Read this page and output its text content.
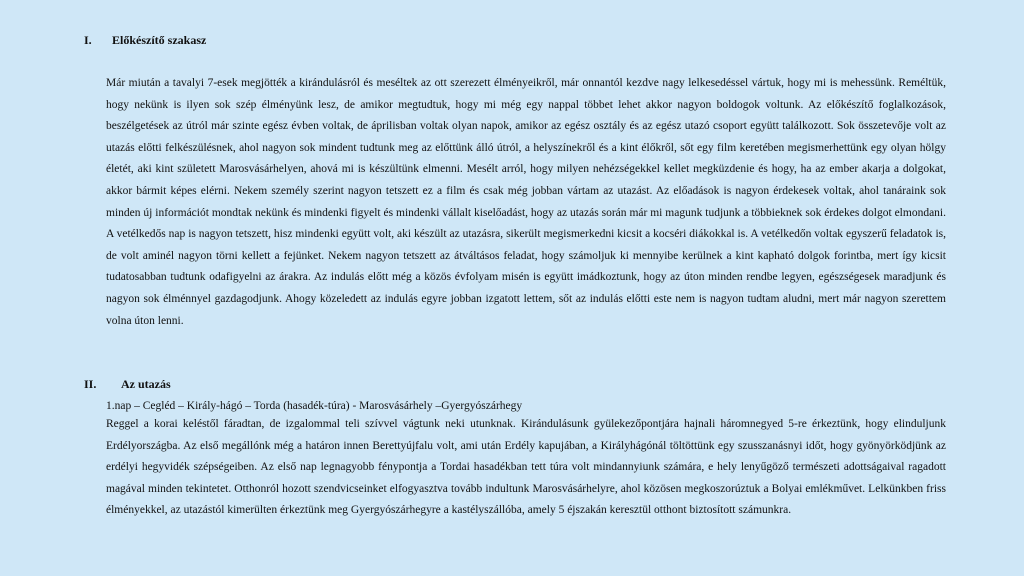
I. Előkészítő szakasz

Már miután a tavalyi 7-esek megjötték a kirándulásról és meséltek az ott szerezett élményeikről, már onnantól kezdve nagy lelkesedéssel vártuk, hogy mi is mehessünk. Reméltük, hogy nekünk is ilyen sok szép élményünk lesz, de amikor megtudtuk, hogy mi még egy nappal többet lehet akkor nagyon boldogok voltunk. Az előkészítő foglalkozások, beszélgetések az útról már szinte egész évben voltak, de áprilisban voltak olyan napok, amikor az egész osztály és az egész utazó csoport együtt találkozott. Sok összetevője volt az utazás előtti felkészülésnek, ahol nagyon sok mindent tudtunk meg az előttünk álló útról, a helyszínekről és a kint élőkről, sőt egy film keretében megismerhettünk egy olyan hölgy életét, aki kint született Marosvásárhelyen, ahová mi is készültünk elmenni. Mesélt arról, hogy milyen nehézségekkel kellet megküzdenie és hogy, ha az ember akarja a dolgokat, akkor bármit képes elérni. Nekem személy szerint nagyon tetszett ez a film és csak még jobban vártam az utazást. Az előadások is nagyon érdekesek voltak, ahol tanáraink sok minden új információt mondtak nekünk és mindenki figyelt és mindenki vállalt kiselőadást, hogy az utazás során már mi magunk tudjunk a többieknek sok érdekes dolgot elmondani. A vetélkedős nap is nagyon tetszett, hisz mindenki együtt volt, aki készült az utazásra, sikerült megismerkedni kicsit a kocséri diákokkal is. A vetélkedőn voltak egyszerű feladatok is, de volt aminél nagyon törni kellett a fejünket. Nekem nagyon tetszett az átváltásos feladat, hogy számoljuk ki mennyibe kerülnek a kint kapható dolgok forintba, mert így kicsit tudatosabban tudtunk odafigyelni az árakra. Az indulás előtt még a közös évfolyam misén is együtt imádkoztunk, hogy az úton minden rendbe legyen, egészségesek maradjunk és nagyon sok élménnyel gazdagodjunk. Ahogy közeledett az indulás egyre jobban izgatott lettem, sőt az indulás előtti este nem is nagyon tudtam aludni, mert már nagyon szerettem volna úton lenni.

II. Az utazás
1.nap – Cegléd – Király-hágó – Torda (hasadék-túra) - Marosvásárhely –Gyergyószárhegy

Reggel a korai keléstől fáradtan, de izgalommal teli szívvel vágtunk neki utunknak. Kirándulásunk gyülekezőpontjára hajnali háromnegyed 5-re érkeztünk, hogy elinduljunk Erdélyországba. Az első megállónk még a határon innen Berettyújfalu volt, ami után Erdély kapujában, a Királyhágónál töltöttünk egy szusszanásnyi időt, hogy gyönyörködjünk az erdélyi hegyvidék szépségeiben. Az első nap legnagyobb fénypontja a Tordai hasadékban tett túra volt mindannyiunk számára, e hely lenyűgöző természeti adottságaival ragadott magával minden tekintetet. Otthonról hozott szendvicseinket elfogyasztva tovább indultunk Marosvásárhelyre, ahol közösen megkoszorúztuk a Bolyai emlékművet. Lelkünkben friss élményekkel, az utazástól kimerülten érkeztünk meg Gyergyószárhegyre a kastélyszállóba, amely 5 éjszakán keresztül otthont biztosított számunkra.
